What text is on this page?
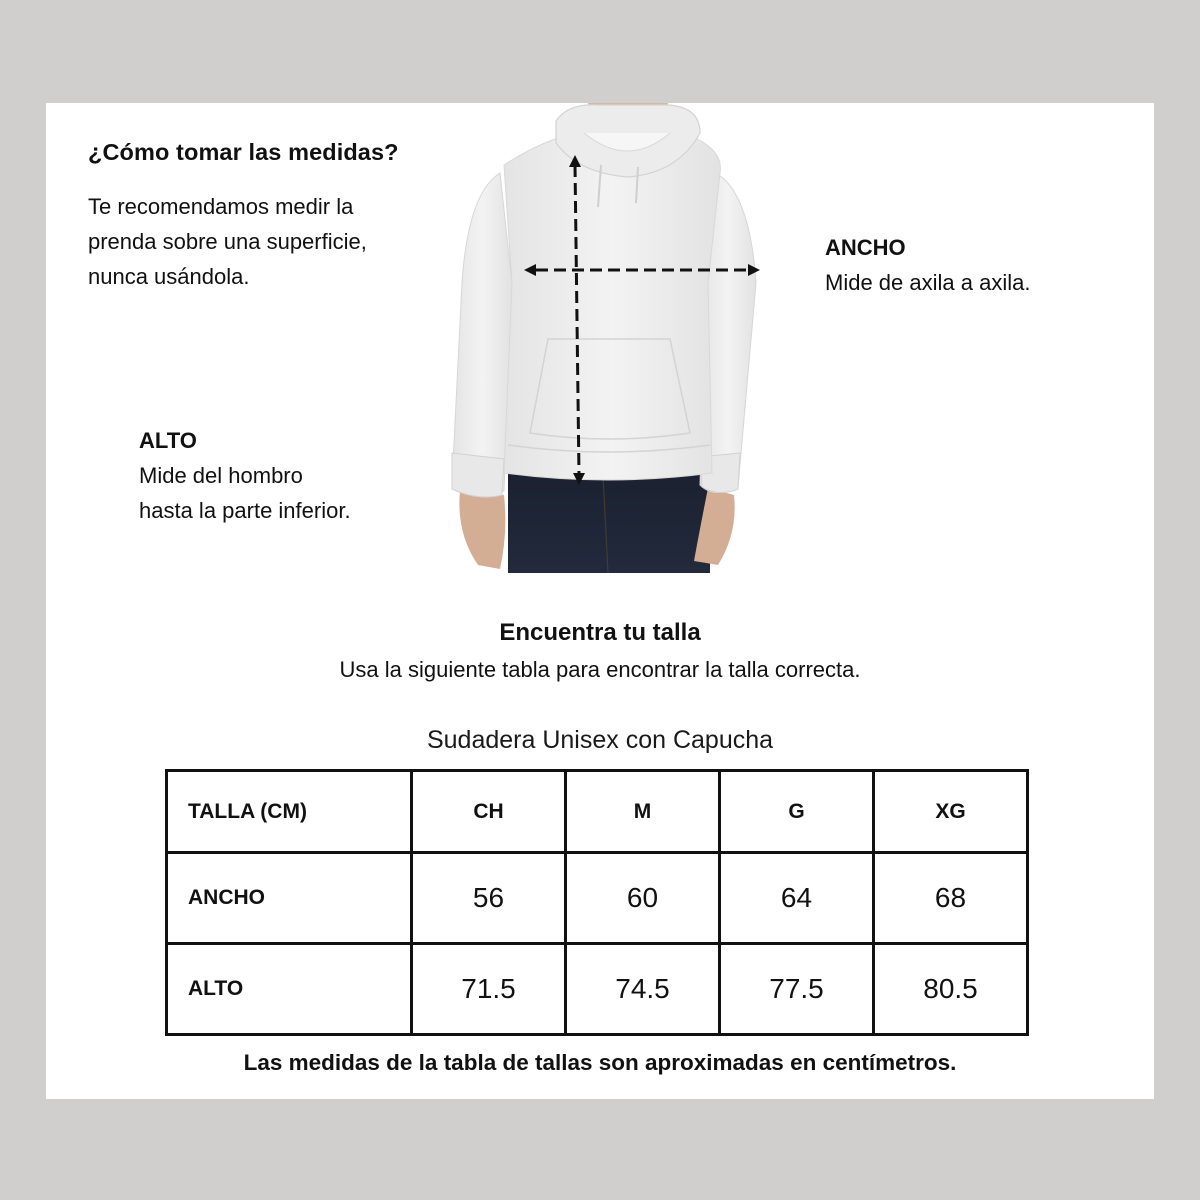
¿Cómo tomar las medidas?
Te recomendamos medir la
prenda sobre una superficie,
nunca usándola.
ANCHO
Mide de axila a axila.
ALTO
Mide del hombro
hasta la parte inferior.
Encuentra tu talla
Usa la siguiente tabla para encontrar la talla correcta.
Sudadera Unisex con Capucha
TALLA (CM)	CH	M	G	XG
ANCHO	56	60	64	68
ALTO	71.5	74.5	77.5	80.5
Las medidas de la tabla de tallas son aproximadas en centímetros.
